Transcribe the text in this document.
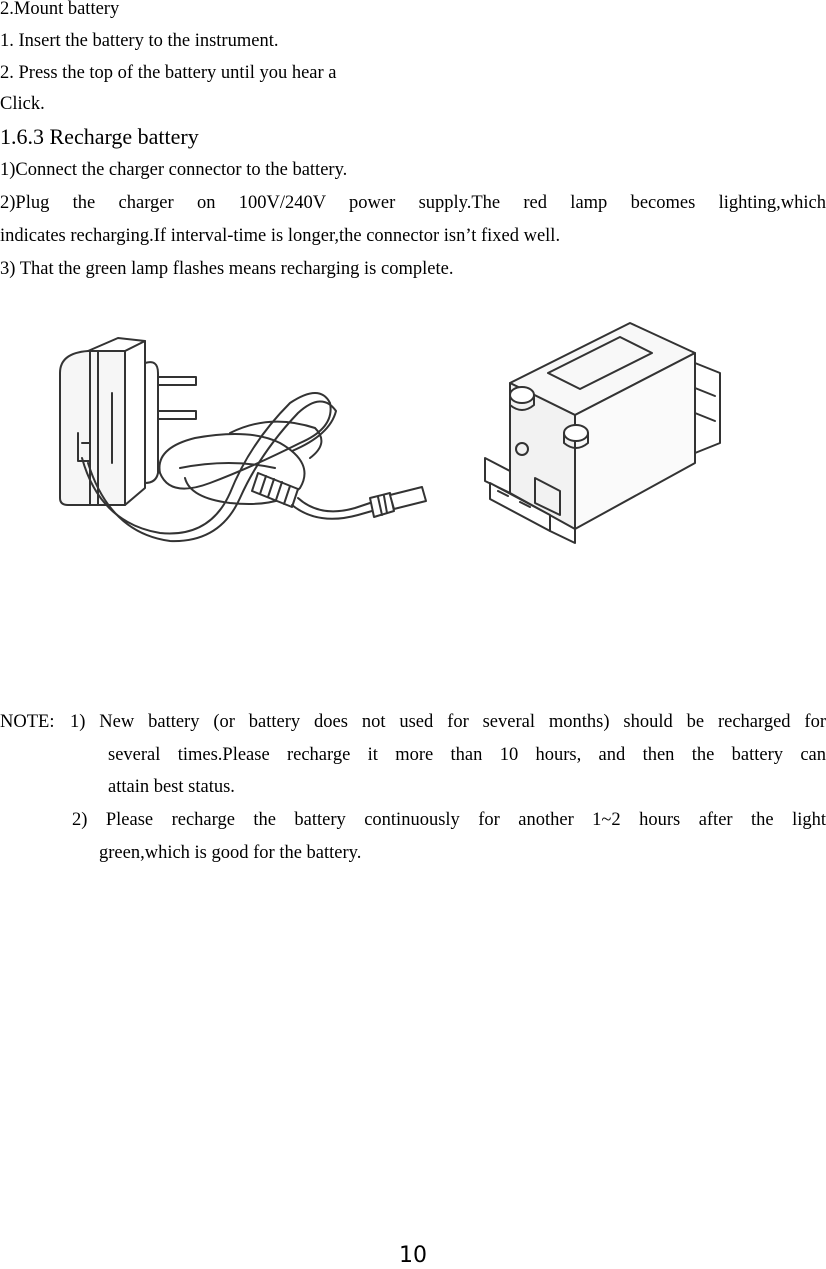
2.Mount battery
1. Insert the battery to the instrument.
2. Press the top of the battery until you hear a
Click.
1.6.3 Recharge battery
1)Connect the charger connector to the battery.
2)Plug the charger on 100V/240V power supply.The red lamp becomes lighting,which
indicates recharging.If interval-time is longer,the connector isn’t fixed well.
3) That the green lamp flashes means recharging is complete.
NOTE: 1) New battery (or battery does not used for several months) should be recharged for
several times.Please recharge it more than 10 hours, and then the battery can
attain best status.
2) Please recharge the battery continuously for another 1~2 hours after the light
green,which is good for the battery.
10
